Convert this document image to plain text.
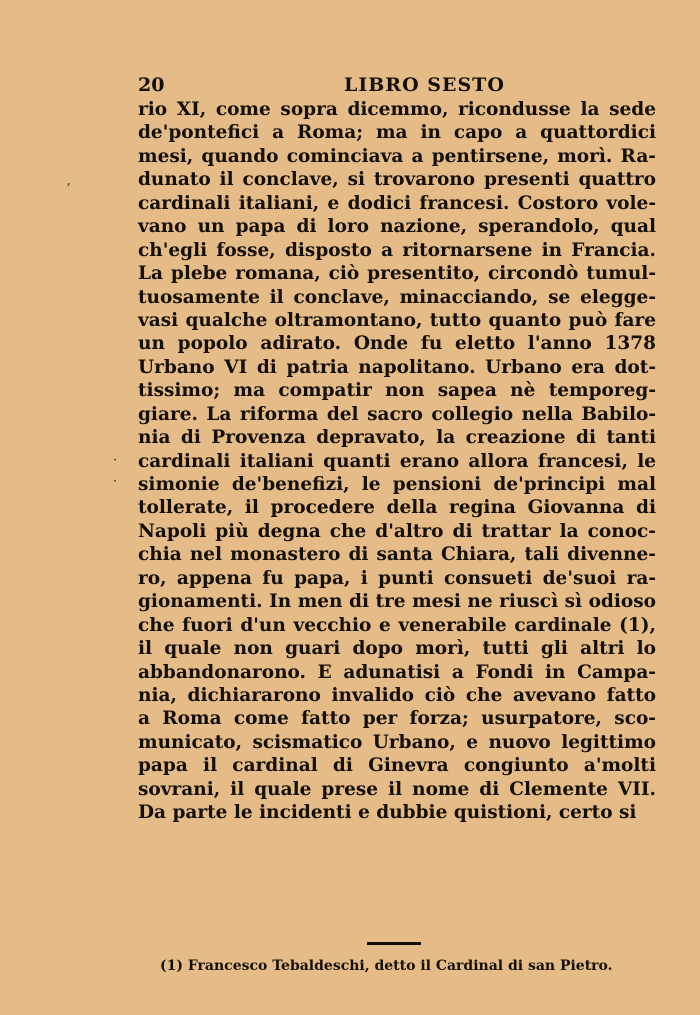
20	LIBRO SESTO
rio XI, come sopra dicemmo, ricondusse la sede
de'pontefici a Roma; ma in capo a quattordici
mesi, quando cominciava a pentirsene, morì. Ra-
dunato il conclave, si trovarono presenti quattro
cardinali italiani, e dodici francesi. Costoro vole-
vano un papa di loro nazione, sperandolo, qual
ch'egli fosse, disposto a ritornarsene in Francia.
La plebe romana, ciò presentito, circondò tumul-
tuosamente il conclave, minacciando, se elegge-
vasi qualche oltramontano, tutto quanto può fare
un popolo adirato. Onde fu eletto l'anno 1378
Urbano VI di patria napolitano. Urbano era dot-
tissimo; ma compatir non sapea nè temporeg-
giare. La riforma del sacro collegio nella Babilo-
nia di Provenza depravato, la creazione di tanti
cardinali italiani quanti erano allora francesi, le
simonie de'benefizi, le pensioni de'principi mal
tollerate, il procedere della regina Giovanna di
Napoli più degna che d'altro di trattar la conoc-
chia nel monastero di santa Chiara, tali divenne-
ro, appena fu papa, i punti consueti de'suoi ra-
gionamenti. In men di tre mesi ne riuscì sì odioso
che fuori d'un vecchio e venerabile cardinale (1),
il quale non guari dopo morì, tutti gli altri lo
abbandonarono. E adunatisi a Fondi in Campa-
nia, dichiararono invalido ciò che avevano fatto
a Roma come fatto per forza; usurpatore, sco-
municato, scismatico Urbano, e nuovo legittimo
papa il cardinal di Ginevra congiunto a'molti
sovrani, il quale prese il nome di Clemente VII.
Da parte le incidenti e dubbie quistioni, certo si
(1) Francesco Tebaldeschi, detto il Cardinal di san Pietro.
ʼ
·
·
